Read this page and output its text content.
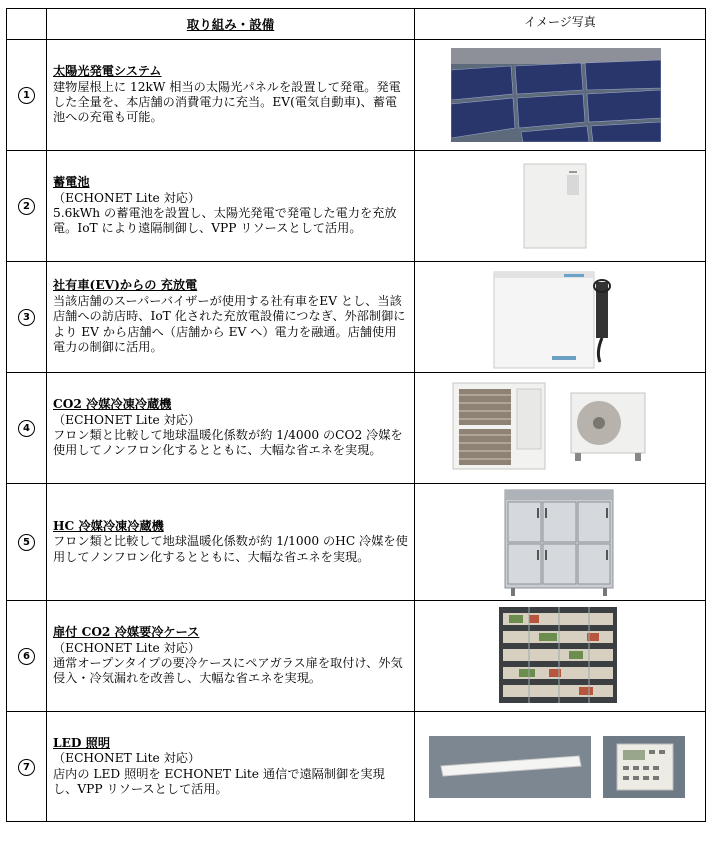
	取り組み・設備	イメージ写真
1	太陽光発電システム
建物屋根上に 12kW 相当の太陽光パネルを設置して発電。発電した全量を、本店舗の消費電力に充当。EV(電気自動車)、蓄電池への充電も可能。

2	蓄電池
（ECHONET Lite 対応）
5.6kWh の蓄電池を設置し、太陽光発電で発電した電力を充放電。IoT により遠隔制御し、VPP リソースとして活用。

3	社有車(EV)からの 充放電
当該店舗のスーパーバイザーが使用する社有車をEV とし、当該店舗への訪店時、IoT 化された充放電設備につなぎ、外部制御により EV から店舗へ（店舗から EV へ）電力を融通。店舗使用電力の制御に活用。

4	CO2 冷媒冷凍冷蔵機
（ECHONET Lite 対応）
フロン類と比較して地球温暖化係数が約 1/4000 のCO2 冷媒を使用してノンフロン化するとともに、大幅な省エネを実現。

5	HC 冷媒冷凍冷蔵機
フロン類と比較して地球温暖化係数が約 1/1000 のHC 冷媒を使用してノンフロン化するとともに、大幅な省エネを実現。

6	扉付 CO2 冷媒要冷ケース
（ECHONET Lite 対応）
通常オープンタイプの要冷ケースにペアガラス扉を取付け、外気侵入・冷気漏れを改善し、大幅な省エネを実現。

7	LED 照明
（ECHONET Lite 対応）
店内の LED 照明を ECHONET Lite 通信で遠隔制御を実現し、VPP リソースとして活用。
